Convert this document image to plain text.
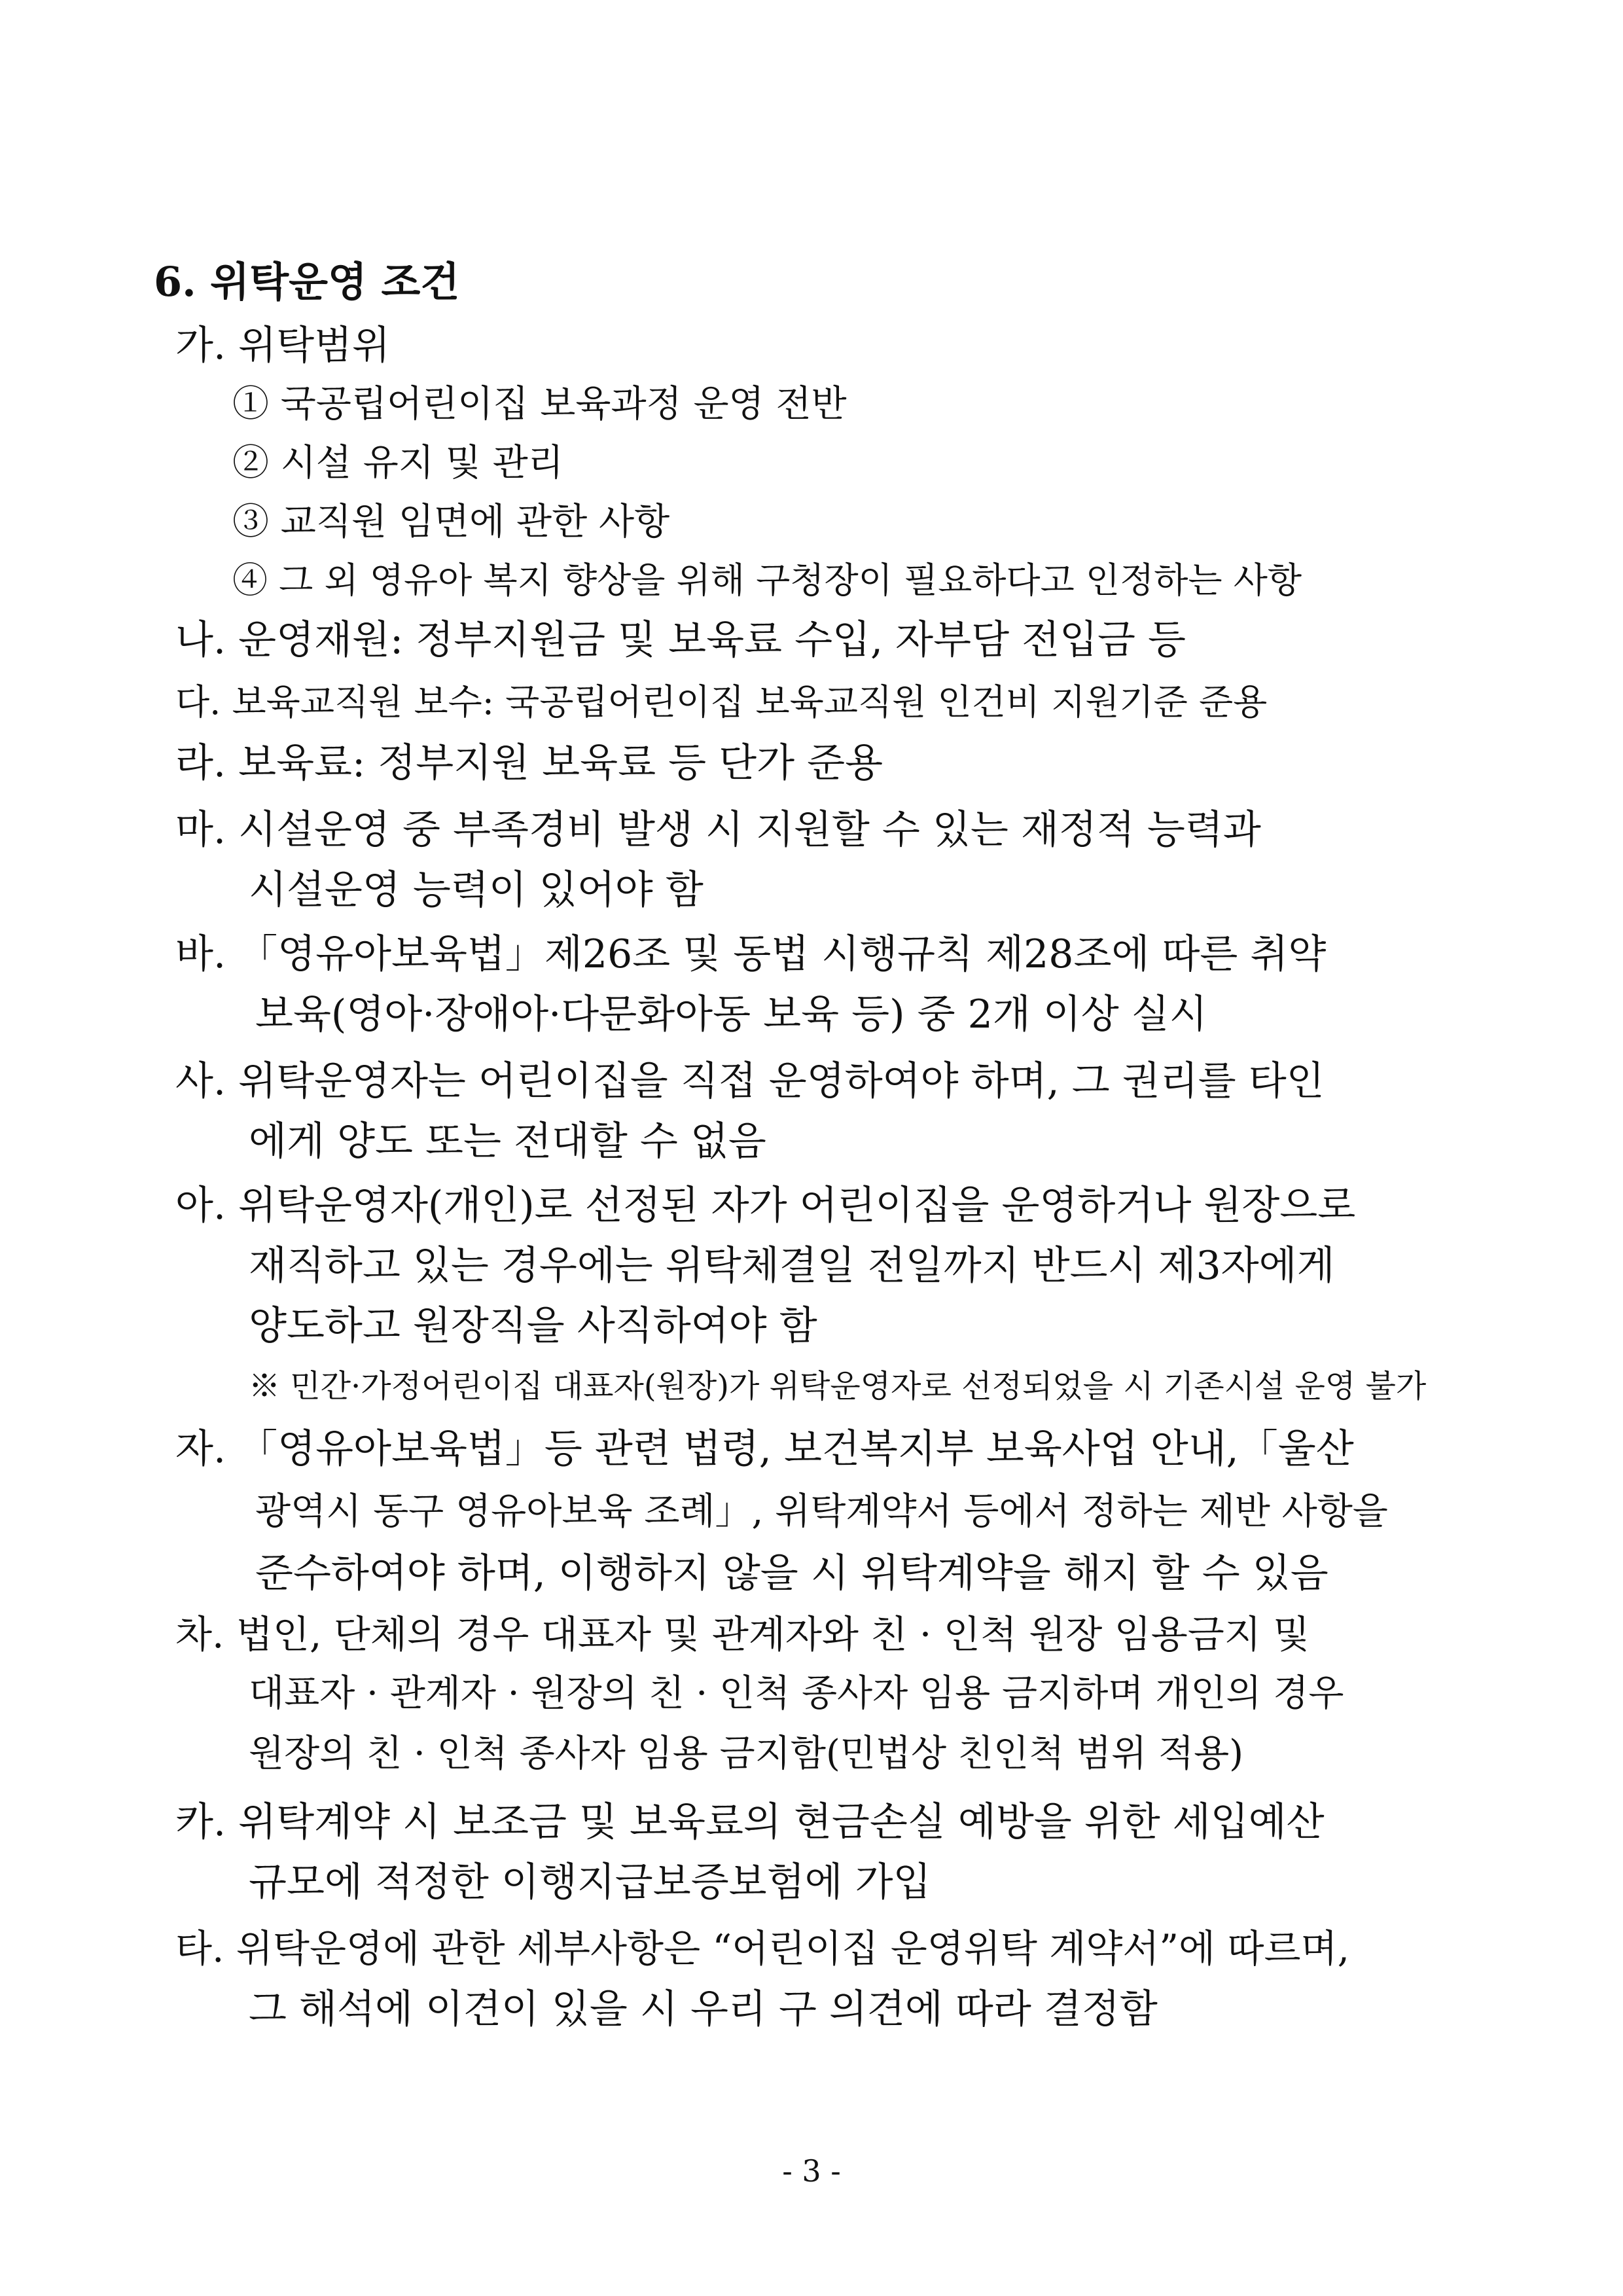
6. 위탁운영 조건
가. 위탁범위
① 국공립어린이집 보육과정 운영 전반
② 시설 유지 및 관리
③ 교직원 임면에 관한 사항
④ 그 외 영유아 복지 향상을 위해 구청장이 필요하다고 인정하는 사항
나. 운영재원: 정부지원금 및 보육료 수입, 자부담 전입금 등
다. 보육교직원 보수: 국공립어린이집 보육교직원 인건비 지원기준 준용
라. 보육료: 정부지원 보육료 등 단가 준용
마. 시설운영 중 부족경비 발생 시 지원할 수 있는 재정적 능력과
시설운영 능력이 있어야 함
바. 「영유아보육법」제26조 및 동법 시행규칙 제28조에 따른 취약
보육(영아·장애아·다문화아동 보육 등) 중 2개 이상 실시
사. 위탁운영자는 어린이집을 직접 운영하여야 하며, 그 권리를 타인
에게 양도 또는 전대할 수 없음
아. 위탁운영자(개인)로 선정된 자가 어린이집을 운영하거나 원장으로
재직하고 있는 경우에는 위탁체결일 전일까지 반드시 제3자에게
양도하고 원장직을 사직하여야 함
※ 민간·가정어린이집 대표자(원장)가 위탁운영자로 선정되었을 시 기존시설 운영 불가
자. 「영유아보육법」등 관련 법령, 보건복지부 보육사업 안내,「울산
광역시 동구 영유아보육 조례」, 위탁계약서 등에서 정하는 제반 사항을
준수하여야 하며, 이행하지 않을 시 위탁계약을 해지 할 수 있음
차. 법인, 단체의 경우 대표자 및 관계자와 친 · 인척 원장 임용금지 및
대표자 · 관계자 · 원장의 친 · 인척 종사자 임용 금지하며 개인의 경우
원장의 친 · 인척 종사자 임용 금지함(민법상 친인척 범위 적용)
카. 위탁계약 시 보조금 및 보육료의 현금손실 예방을 위한 세입예산
규모에 적정한 이행지급보증보험에 가입
타. 위탁운영에 관한 세부사항은 “어린이집 운영위탁 계약서”에 따르며,
그 해석에 이견이 있을 시 우리 구 의견에 따라 결정함
- 3 -
